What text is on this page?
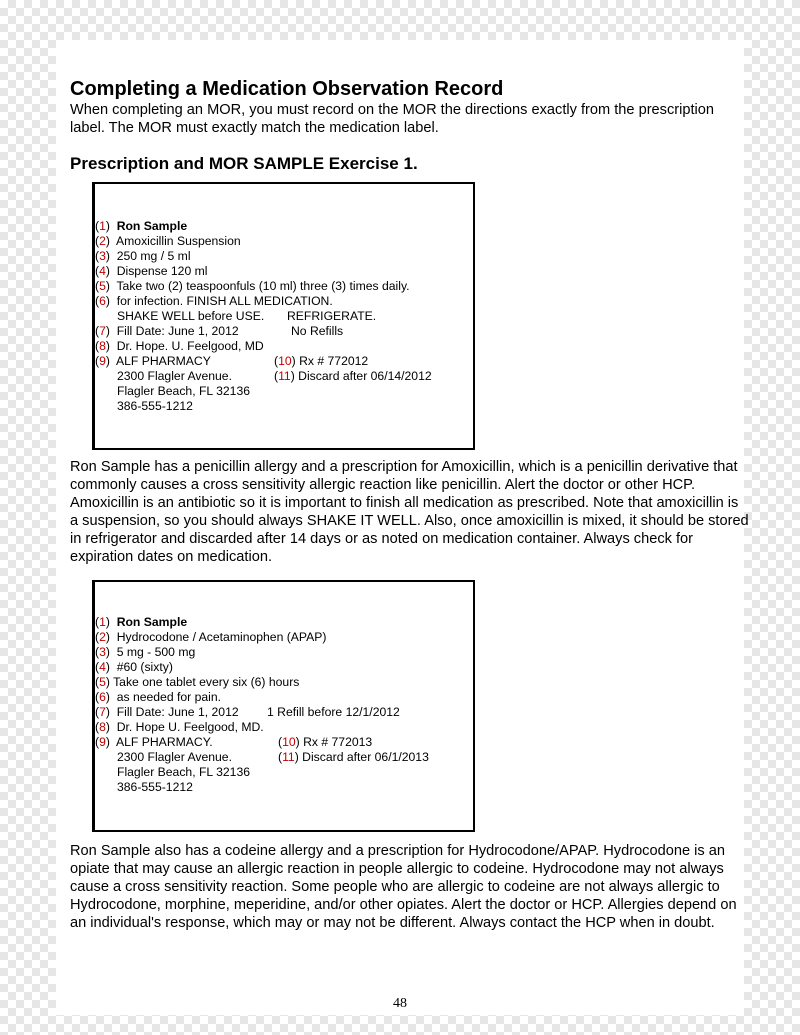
Completing a Medication Observation Record
When completing an MOR, you must record on the MOR the directions exactly from the prescription label. The MOR must exactly match the medication label.
Prescription and MOR SAMPLE Exercise 1.
(1)  Ron Sample
(2)  Amoxicillin Suspension
(3)  250 mg / 5 ml
(4)  Dispense 120 ml
(5)  Take two (2) teaspoonfuls (10 ml) three (3) times daily.
(6)  for infection. FINISH ALL MEDICATION.
SHAKE WELL before USE. REFRIGERATE.
(7)  Fill Date: June 1, 2012	No Refills
(8)  Dr. Hope. U. Feelgood, MD
(9)  ALF PHARMACY	(10) Rx # 772012
2300 Flagler Avenue.	(11) Discard after 06/14/2012
Flagler Beach, FL 32136
386-555-1212
Ron Sample has a penicillin allergy and a prescription for Amoxicillin, which is a penicillin derivative that commonly causes a cross sensitivity allergic reaction like penicillin. Alert the doctor or other HCP. Amoxicillin is an antibiotic so it is important to finish all medication as prescribed. Note that amoxicillin is a suspension, so you should always SHAKE IT WELL. Also, once amoxicillin is mixed, it should be stored in refrigerator and discarded after 14 days or as noted on medication container. Always check for expiration dates on medication.
(1)  Ron Sample
(2)  Hydrocodone / Acetaminophen (APAP)
(3)  5 mg - 500 mg
(4)  #60 (sixty)
(5) Take one tablet every six (6) hours
(6)  as needed for pain.
(7)  Fill Date: June 1, 2012 1 Refill before 12/1/2012
(8)  Dr. Hope U. Feelgood, MD.
(9)  ALF PHARMACY.	(10) Rx # 772013
2300 Flagler Avenue.	(11) Discard after 06/1/2013
Flagler Beach, FL 32136
386-555-1212
Ron Sample also has a codeine allergy and a prescription for Hydrocodone/APAP. Hydrocodone is an opiate that may cause an allergic reaction in people allergic to codeine. Hydrocodone may not always cause a cross sensitivity reaction. Some people who are allergic to codeine are not always allergic to Hydrocodone, morphine, meperidine, and/or other opiates. Alert the doctor or HCP. Allergies depend on an individual's response, which may or may not be different. Always contact the HCP when in doubt.
48
